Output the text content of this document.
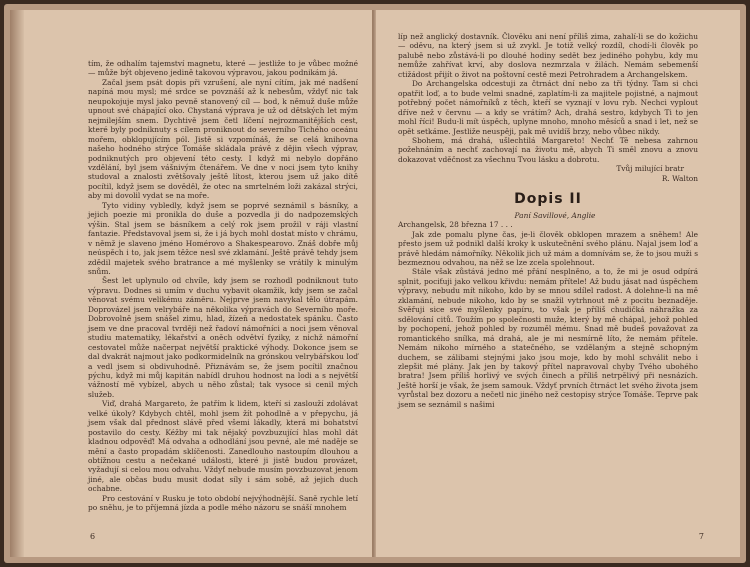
tím, že odhalím tajemství magnetu, které — jestliže to je vůbec možné — může být objeveno jedině takovou výpravou, jakou podnikám já.

Začal jsem psát dopis při vzrušení, ale nyní cítím, jak mé nadšení napíná mou mysl; mé srdce se povznáší až k nebesům, vždyť nic tak neupokojuje mysl jako pevně stanovený cíl — bod, k němuž duše může upnout své chápající oko. Chystaná výprava je už od dětských let mým nejmilejším snem. Dychtivě jsem četl líčení nejrozmanitějších cest, které byly podniknuty s cílem proniknout do severního Tichého oceánu mořem, obklopujícím pól. Jistě si vzpomínáš, že se celá knihovna našeho hodného strýce Tomáše skládala právě z dějin všech výprav, podniknutých pro objevení této cesty. I když mi nebylo dopřáno vzdělání, byl jsem vášnivým čtenářem. Ve dne v noci jsem tyto knihy studoval a znalosti zvětšovaly ještě lítost, kterou jsem už jako dítě pocítil, když jsem se dověděl, že otec na smrtelném loži zakázal strýci, aby mi dovolil vydat se na moře.

Tyto vidiny vybledly, když jsem se poprvé seznámil s básníky, a jejich poezie mi pronikla do duše a pozvedla ji do nadpozemských výšin. Stal jsem se básníkem a celý rok jsem prožil v ráji vlastní fantazie. Představoval jsem si, že i já bych mohl dostat místo v chrámu, v němž je slaveno jméno Homérovo a Shakespearovo. Znáš dobře můj neúspěch i to, jak jsem těžce nesl své zklamání. Ještě právě tehdy jsem zdědil majetek svého bratrance a mé myšlenky se vrátily k minulým snům.

Šest let uplynulo od chvíle, kdy jsem se rozhodl podniknout tuto výpravu. Dodnes si umím v duchu vybavit okamžik, kdy jsem se začal věnovat svému velikému záměru. Nejprve jsem navykal tělo útrapám. Doprovázel jsem velrybáře na několika výpravách do Severního moře. Dobrovolně jsem snášel zimu, hlad, žízeň a nedostatek spánku. Často jsem ve dne pracoval tvrději než řadoví námořníci a noci jsem věnoval studiu matematiky, lékařství a oněch odvětví fyziky, z nichž námořní cestovatel může načerpat největší praktické výhody. Dokonce jsem se dal dvakrát najmout jako podkormidelník na grónskou velrybářskou loď a vedl jsem si obdivuhodně. Přiznávám se, že jsem pocítil značnou pýchu, když mi můj kapitán nabídl druhou hodnost na lodi a s největší vážností mě vybízel, abych u něho zůstal; tak vysoce si cenil mých služeb.

Viď, drahá Margareto, že patřím k lidem, kteří si zaslouží zdolávat velké úkoly? Kdybych chtěl, mohl jsem žít pohodlně a v přepychu, já jsem však dal přednost slávě před všemi lákadly, která mi bohatství postavilo do cesty. Kéžby mi tak nějaký povzbuzující hlas mohl dát kladnou odpověď! Má odvaha a odhodlání jsou pevné, ale mé naděje se mění a často propadám sklíčenosti. Zanedlouho nastoupím dlouhou a obtížnou cestu a nečekané události, které ji jistě budou provázet, vyžadují si celou mou odvahu. Vždyť nebude musím povzbuzovat jenom jiné, ale občas budu musit dodat síly i sám sobě, až jejich duch ochabne.

Pro cestování v Rusku je toto období nejvýhodnější. Saně rychle letí po sněhu, je to příjemná jízda a podle mého názoru se snáší mnohem

6

líp než anglický dostavník. Člověku ani není příliš zima, zahalí-li se do kožichu — oděvu, na který jsem si už zvykl. Je totiž velký rozdíl, chodí-li člověk po palubě nebo zůstává-li po dlouhé hodiny sedět bez jediného pohybu, kdy mu nemůže zahřívat krví, aby doslova nezmrzala v žilách. Nemám sebemenší ctižádost přijít o život na poštovní cestě mezi Petrohradem a Archangelskem.

Do Archangelska odcestuji za čtrnáct dní nebo za tři týdny. Tam si chci opatřit loď, a to bude velmi snadné, zaplatím-li za majitele pojistné, a najmout potřebný počet námořníků z těch, kteří se vyznají v lovu ryb. Nechci vyplout dříve než v červnu — a kdy se vrátím? Ach, drahá sestro, kdybych Ti to jen mohl říci! Budu-li mít úspěch, uplyne mnoho, mnoho měsíců a snad i let, než se opět setkáme. Jestliže neuspěji, pak mě uvidíš brzy, nebo vůbec nikdy.

Sbohem, má drahá, ušlechtilá Margareto! Nechť Tě nebesa zahrnou požehnáním a nechť zachovají na životu mě, abych Ti směl znovu a znovu dokazovat vděčnost za všechnu Tvou lásku a dobrotu.

Tvůj milující bratr

R. Walton

Dopis II

Paní Savillové, Anglie

Archangelsk, 28 března 17 . . .

Jak zde pomalu plyne čas, je-li člověk obklopen mrazem a sněhem! Ale přesto jsem už podnikl další kroky k uskutečnění svého plánu. Najal jsem loď a právě hledám námořníky. Několik jich už mám a domnívám se, že to jsou muži s bezmeznou odvahou, na něž se lze zcela spolehnout.

Stále však zůstává jedno mé přání nesplněno, a to, že mi je osud odpírá splnit, pociťuji jako velkou křivdu: nemám přítele! Až budu jásat nad úspěchem výpravy, nebudu mít nikoho, kdo by se mnou sdílel radost. A dolehne-li na mě zklamání, nebude nikoho, kdo by se snažil vytrhnout mě z pocitu beznaděje. Svěřuji sice své myšlenky papíru, to však je příliš chudičká náhražka za sdělování citů. Toužím po společnosti muže, který by mě chápal, jehož pohled by pochopení, jehož pohled by rozuměl mému. Snad mě budeš považovat za romantického snílka, má drahá, ale je mi nesmírně líto, že nemám přítele. Nemám nikoho mírného a statečného, se vzdělaným a stejně schopným duchem, se zálibami stejnými jako jsou moje, kdo by mohl schválit nebo i zlepšit mé plány. Jak jen by takový přítel napravoval chyby Tvého ubohého bratra! Jsem příliš horlivý ve svých činech a příliš netrpělivý při nesnázích. Ještě horší je však, že jsem samouk. Vždyť prvních čtrnáct let svého života jsem vyrůstal bez dozoru a nečetl nic jiného než cestopisy strýce Tomáše. Teprve pak jsem se seznámil s našimi

7
